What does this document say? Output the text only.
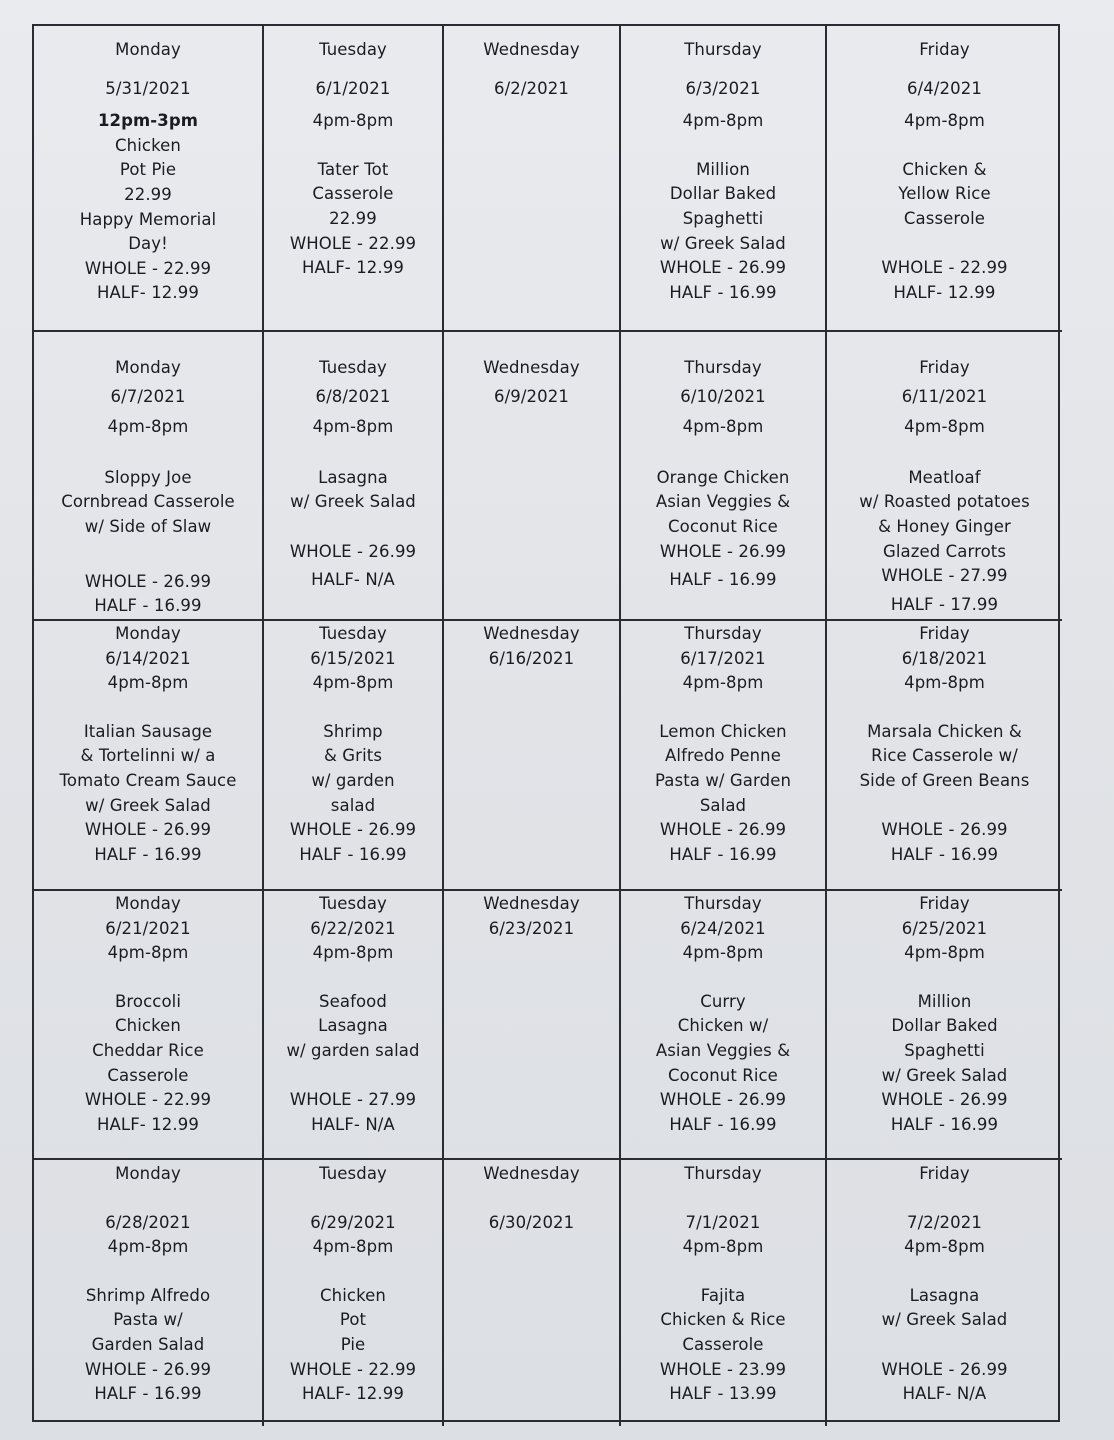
Monday
5/31/2021
12pm-3pm
Chicken
Pot Pie
22.99
Happy Memorial
Day!
WHOLE - 22.99
HALF- 12.99
Tuesday
6/1/2021
4pm-8pm
Tater Tot
Casserole
22.99
WHOLE - 22.99
HALF- 12.99
Wednesday
6/2/2021
Thursday
6/3/2021
4pm-8pm
Million
Dollar Baked
Spaghetti
w/ Greek Salad
WHOLE - 26.99
HALF - 16.99
Friday
6/4/2021
4pm-8pm
Chicken &
Yellow Rice
Casserole
WHOLE - 22.99
HALF- 12.99
Monday
6/7/2021
4pm-8pm
Sloppy Joe
Cornbread Casserole
w/ Side of Slaw
WHOLE - 26.99
HALF - 16.99
Tuesday
6/8/2021
4pm-8pm
Lasagna
w/ Greek Salad
WHOLE - 26.99
HALF- N/A
Wednesday
6/9/2021
Thursday
6/10/2021
4pm-8pm
Orange Chicken
Asian Veggies &
Coconut Rice
WHOLE - 26.99
HALF - 16.99
Friday
6/11/2021
4pm-8pm
Meatloaf
w/ Roasted potatoes
& Honey Ginger
Glazed Carrots
WHOLE - 27.99
HALF - 17.99
Monday
6/14/2021
4pm-8pm
Italian Sausage
& Tortelinni w/ a
Tomato Cream Sauce
w/ Greek Salad
WHOLE - 26.99
HALF - 16.99
Tuesday
6/15/2021
4pm-8pm
Shrimp
& Grits
w/ garden
salad
WHOLE - 26.99
HALF - 16.99
Wednesday
6/16/2021
Thursday
6/17/2021
4pm-8pm
Lemon Chicken
Alfredo Penne
Pasta w/ Garden
Salad
WHOLE - 26.99
HALF - 16.99
Friday
6/18/2021
4pm-8pm
Marsala Chicken &
Rice Casserole w/
Side of Green Beans
WHOLE - 26.99
HALF - 16.99
Monday
6/21/2021
4pm-8pm
Broccoli
Chicken
Cheddar Rice
Casserole
WHOLE - 22.99
HALF- 12.99
Tuesday
6/22/2021
4pm-8pm
Seafood
Lasagna
w/ garden salad
WHOLE - 27.99
HALF- N/A
Wednesday
6/23/2021
Thursday
6/24/2021
4pm-8pm
Curry
Chicken w/
Asian Veggies &
Coconut Rice
WHOLE - 26.99
HALF - 16.99
Friday
6/25/2021
4pm-8pm
Million
Dollar Baked
Spaghetti
w/ Greek Salad
WHOLE - 26.99
HALF - 16.99
Monday
6/28/2021
4pm-8pm
Shrimp Alfredo
Pasta w/
Garden Salad
WHOLE - 26.99
HALF - 16.99
Tuesday
6/29/2021
4pm-8pm
Chicken
Pot
Pie
WHOLE - 22.99
HALF- 12.99
Wednesday
6/30/2021
Thursday
7/1/2021
4pm-8pm
Fajita
Chicken & Rice
Casserole
WHOLE - 23.99
HALF - 13.99
Friday
7/2/2021
4pm-8pm
Lasagna
w/ Greek Salad
WHOLE - 26.99
HALF- N/A
